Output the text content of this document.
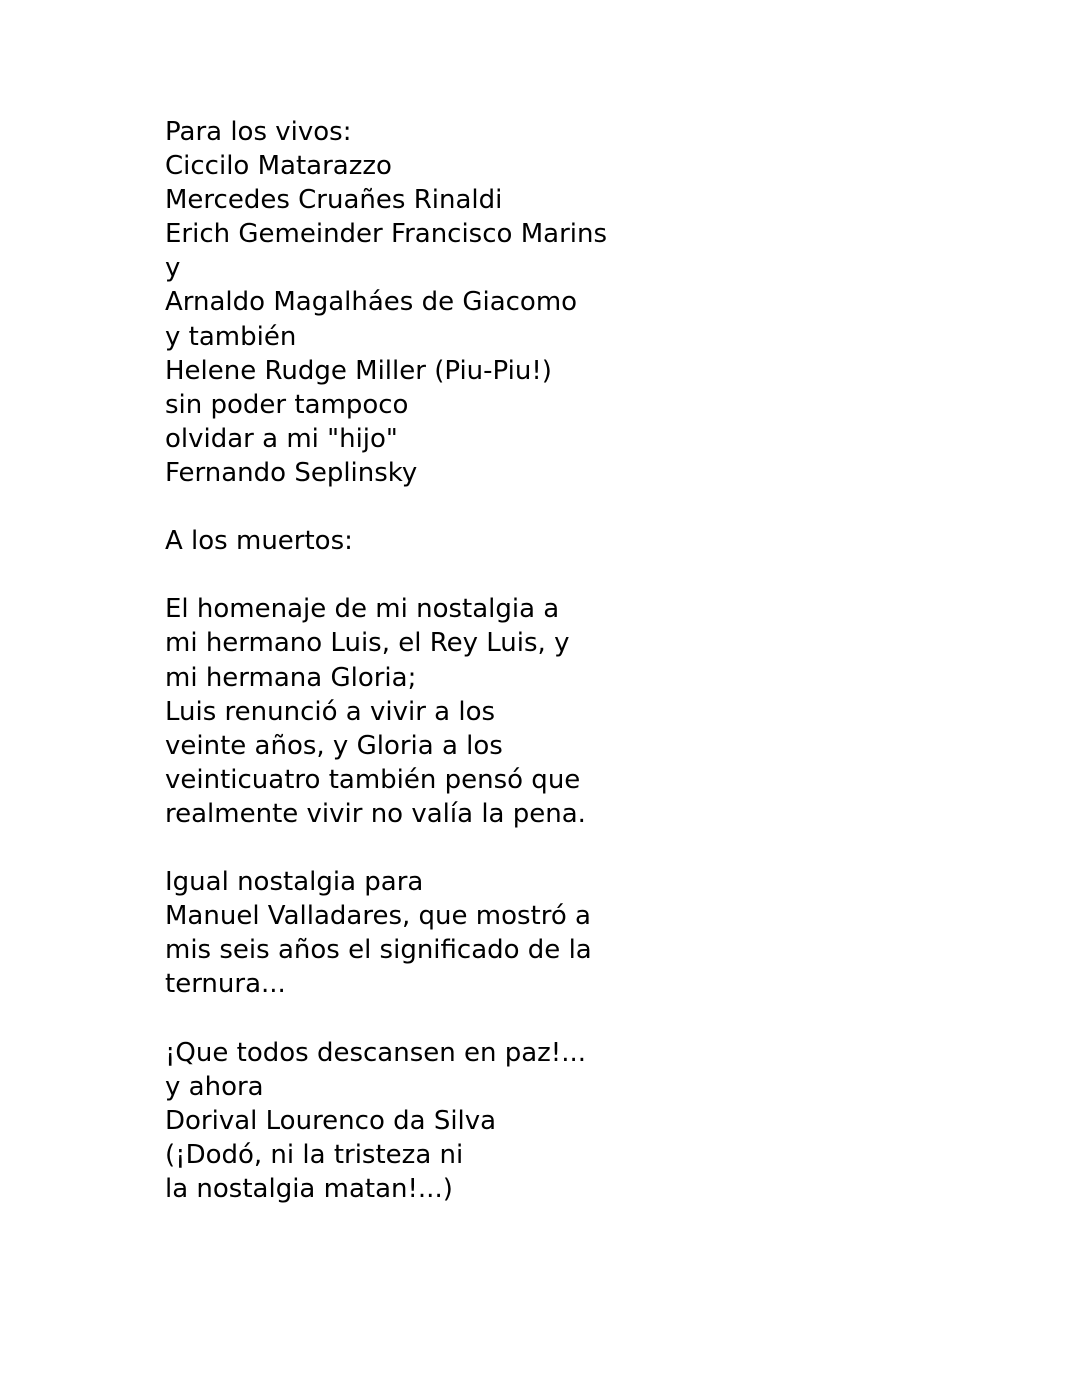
Para los vivos:
Ciccilo Matarazzo
Mercedes Cruañes Rinaldi
Erich Gemeinder Francisco Marins
y
Arnaldo Magalháes de Giacomo
y también
Helene Rudge Miller (Piu-Piu!)
sin poder tampoco
olvidar a mi "hijo"
Fernando Seplinsky
A los muertos:
El homenaje de mi nostalgia a
mi hermano Luis, el Rey Luis, y
mi hermana Gloria;
Luis renunció a vivir a los
veinte años, y Gloria a los
veinticuatro también pensó que
realmente vivir no valía la pena.
Igual nostalgia para
Manuel Valladares, que mostró a
mis seis años el significado de la
ternura...
¡Que todos descansen en paz!...
y ahora
Dorival Lourenco da Silva
(¡Dodó, ni la tristeza ni
la nostalgia matan!...)
